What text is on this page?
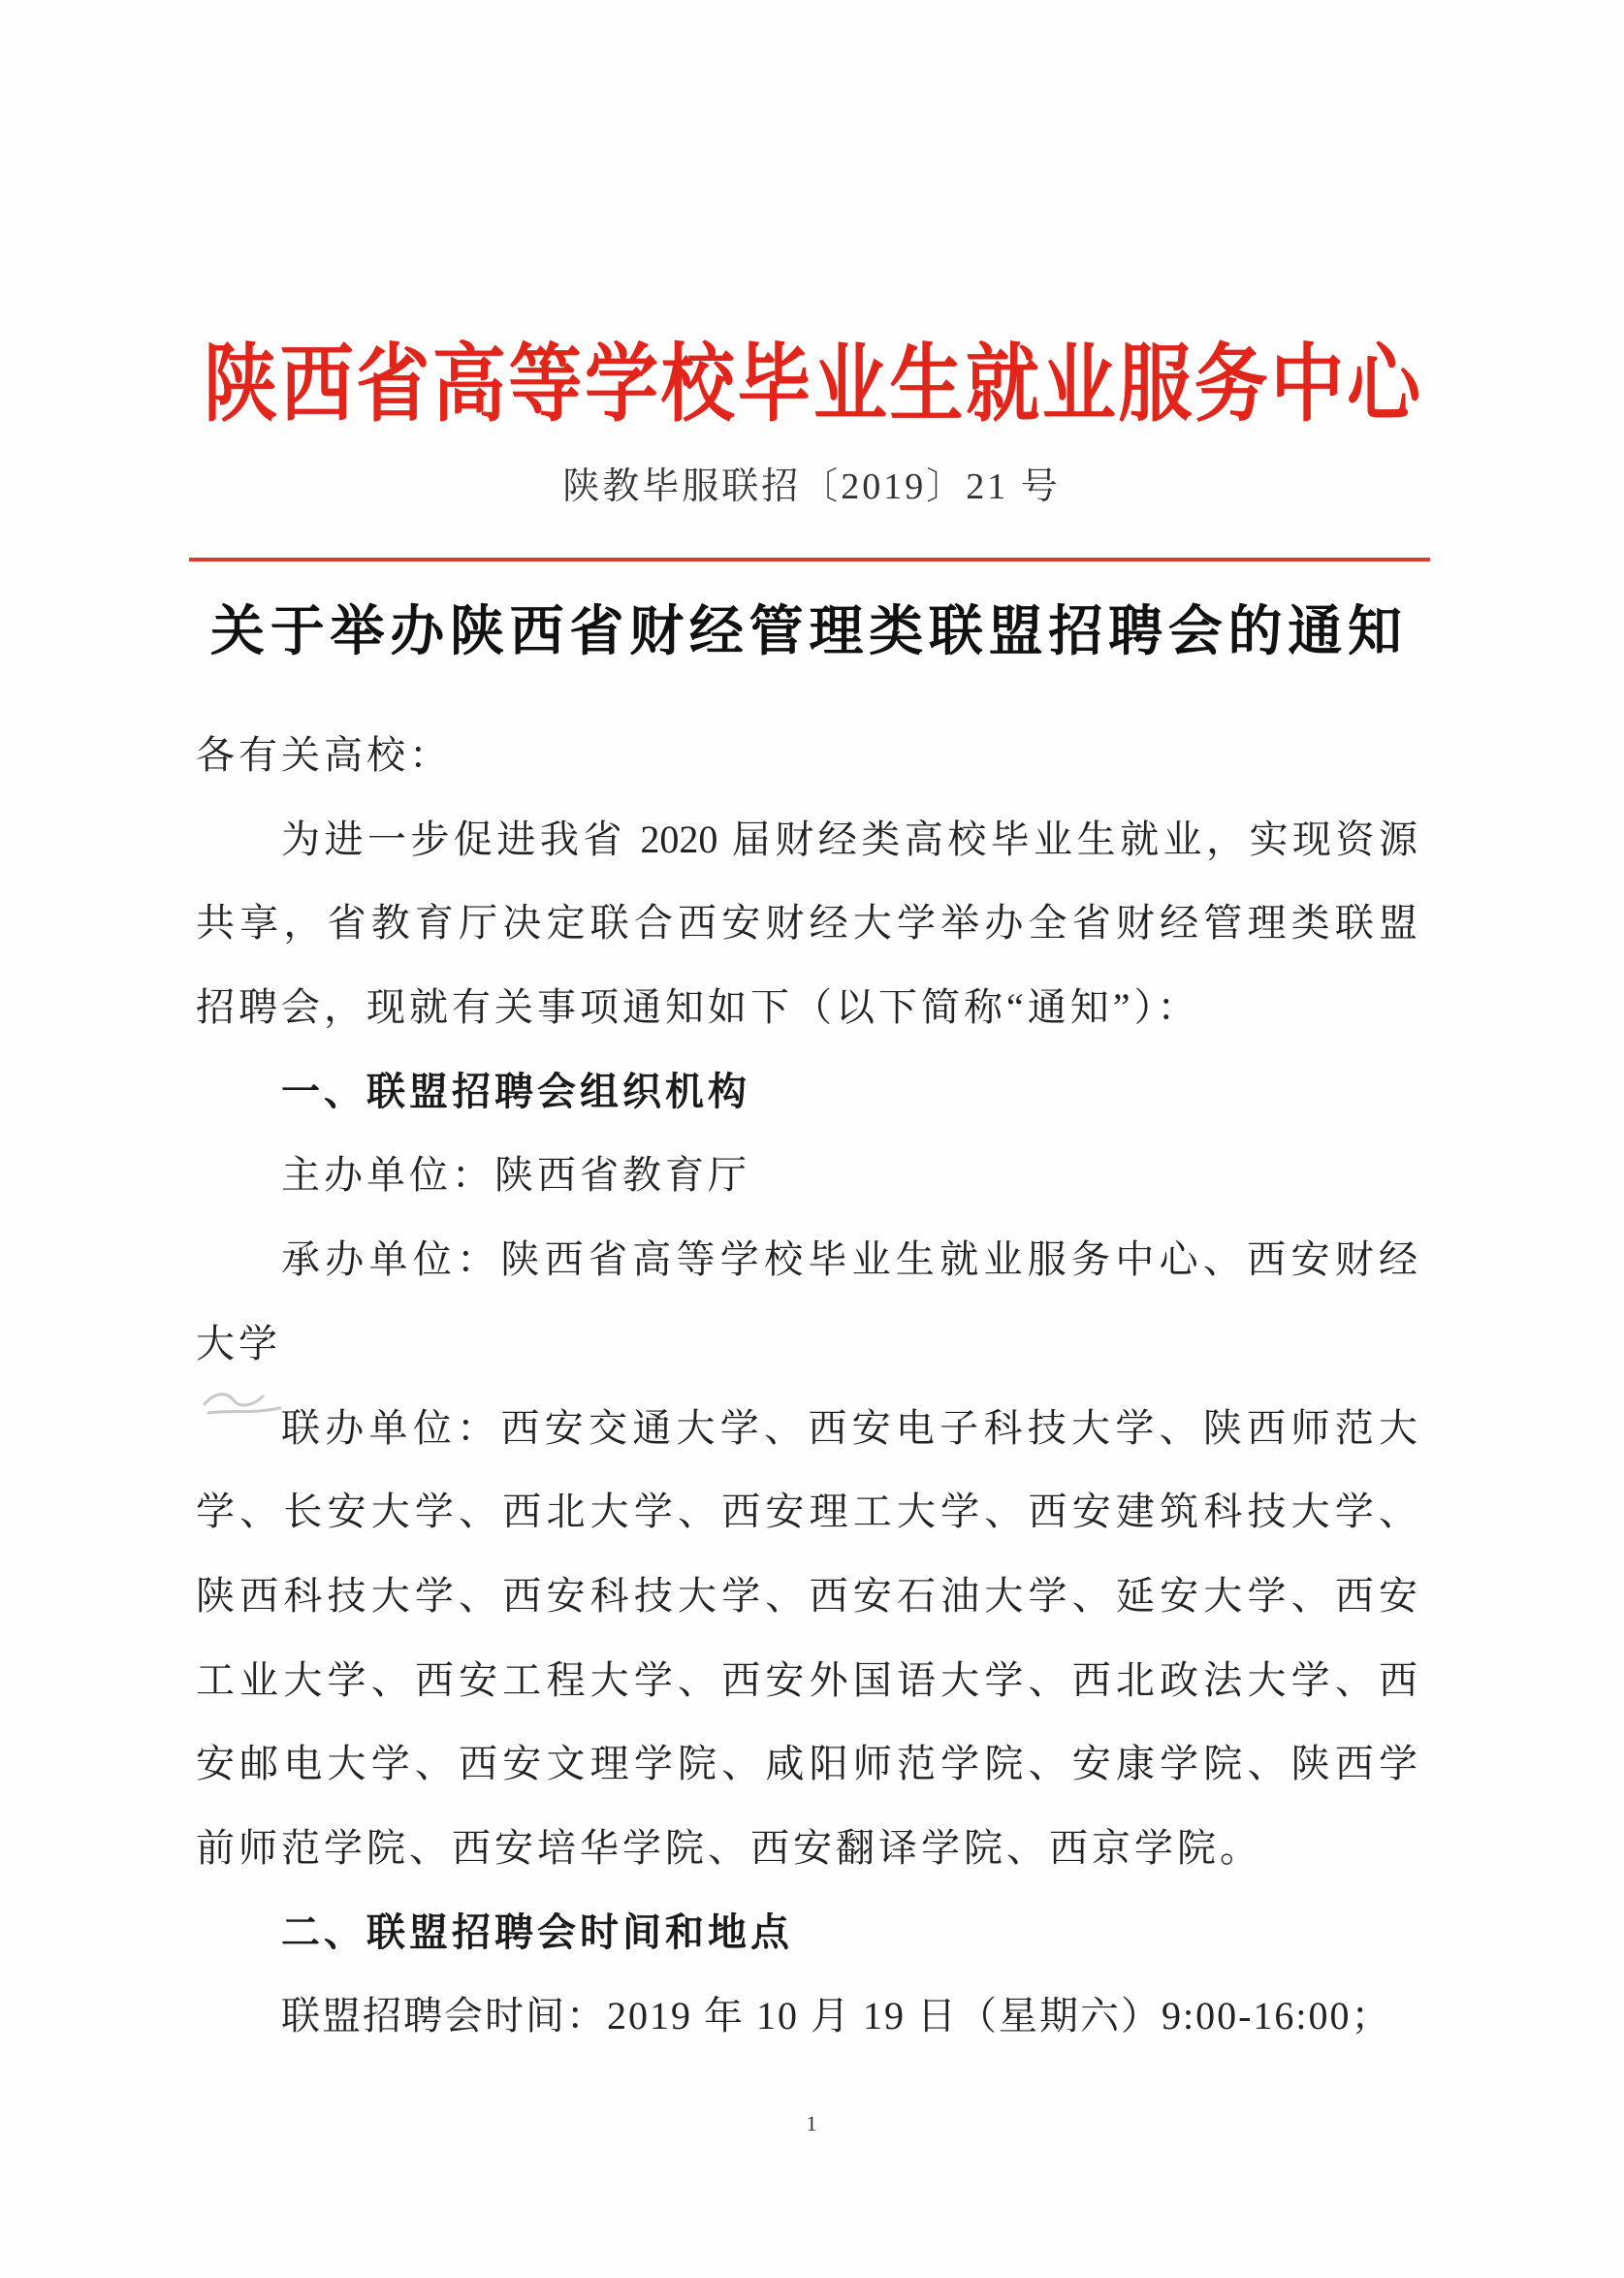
陕西省高等学校毕业生就业服务中心
陕教毕服联招〔2019〕21 号
关于举办陕西省财经管理类联盟招聘会的通知
各有关高校：
为进一步促进我省 2020 届财经类高校毕业生就业，实现资源
共享，省教育厅决定联合西安财经大学举办全省财经管理类联盟
招聘会，现就有关事项通知如下（以下简称“通知”）：
一、联盟招聘会组织机构
主办单位：陕西省教育厅
承办单位：陕西省高等学校毕业生就业服务中心、西安财经
大学
联办单位：西安交通大学、西安电子科技大学、陕西师范大
学、长安大学、西北大学、西安理工大学、西安建筑科技大学、
陕西科技大学、西安科技大学、西安石油大学、延安大学、西安
工业大学、西安工程大学、西安外国语大学、西北政法大学、西
安邮电大学、西安文理学院、咸阳师范学院、安康学院、陕西学
前师范学院、西安培华学院、西安翻译学院、西京学院。
二、联盟招聘会时间和地点
联盟招聘会时间：2019 年 10 月 19 日（星期六）9:00-16:00；
1
